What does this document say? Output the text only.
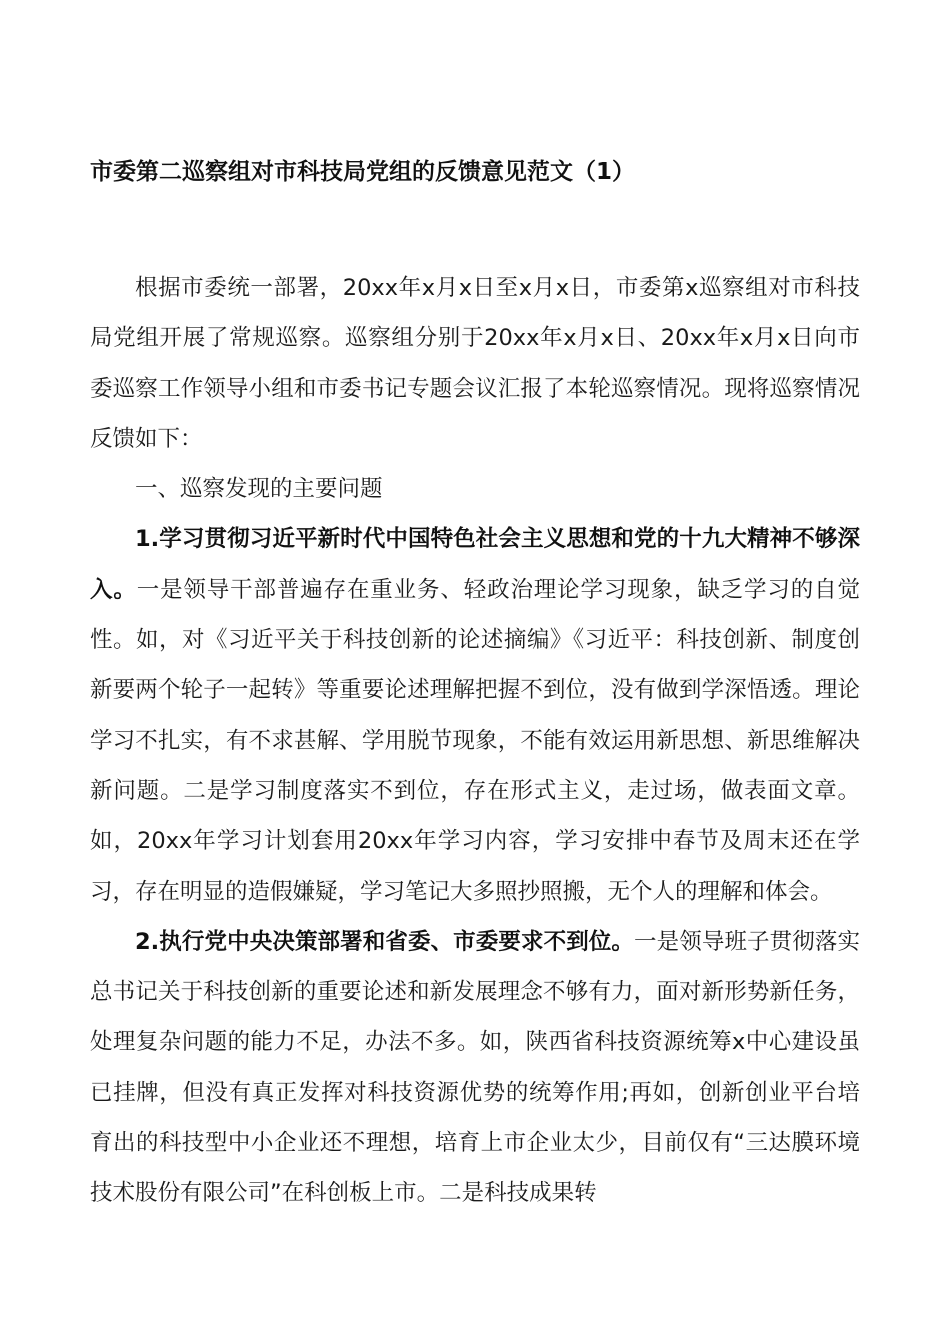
市委第二巡察组对市科技局党组的反馈意见范文（1）

根据市委统一部署，20xx年x月x日至x月x日，市委第x巡察组对市科技局党组开展了常规巡察。巡察组分别于20xx年x月x日、20xx年x月x日向市委巡察工作领导小组和市委书记专题会议汇报了本轮巡察情况。现将巡察情况反馈如下：

一、巡察发现的主要问题

1.学习贯彻习近平新时代中国特色社会主义思想和党的十九大精神不够深入。一是领导干部普遍存在重业务、轻政治理论学习现象，缺乏学习的自觉性。如，对《习近平关于科技创新的论述摘编》《习近平：科技创新、制度创新要两个轮子一起转》等重要论述理解把握不到位，没有做到学深悟透。理论学习不扎实，有不求甚解、学用脱节现象，不能有效运用新思想、新思维解决新问题。二是学习制度落实不到位，存在形式主义，走过场，做表面文章。如，20xx年学习计划套用20xx年学习内容，学习安排中春节及周末还在学习，存在明显的造假嫌疑，学习笔记大多照抄照搬，无个人的理解和体会。

2.执行党中央决策部署和省委、市委要求不到位。一是领导班子贯彻落实总书记关于科技创新的重要论述和新发展理念不够有力，面对新形势新任务，处理复杂问题的能力不足，办法不多。如，陕西省科技资源统筹x中心建设虽已挂牌，但没有真正发挥对科技资源优势的统筹作用;再如，创新创业平台培育出的科技型中小企业还不理想，培育上市企业太少，目前仅有“三达膜环境技术股份有限公司”在科创板上市。二是科技成果转
